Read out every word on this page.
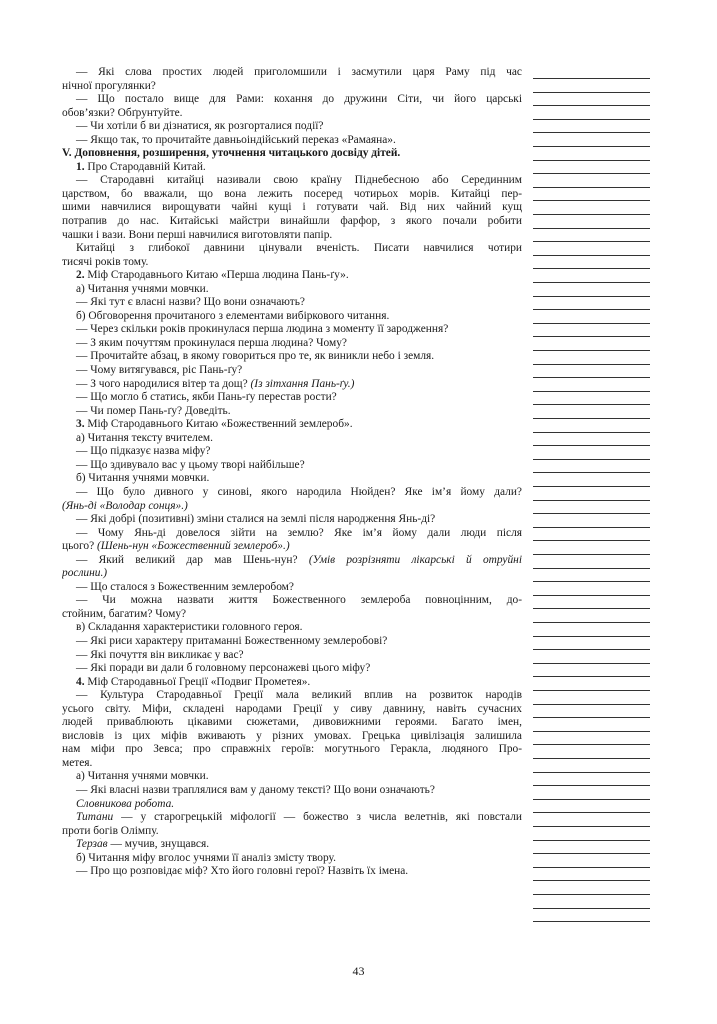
— Які слова простих людей приголомшили і засмутили царя Раму під час
нічної прогулянки?
— Що постало вище для Рами: кохання до дружини Сіти, чи його царські
обов’язки? Обґрунтуйте.
— Чи хотіли б ви дізнатися, як розгорталися події?
— Якщо так, то прочитайте давньоіндійський переказ «Рамаяна».
V. Доповнення, розширення, уточнення читацького досвіду дітей.
1. Про Стародавній Китай.
— Стародавні китайці називали свою країну Піднебесною або Серединним
царством, бо вважали, що вона лежить посеред чотирьох морів. Китайці пер-
шими навчилися вирощувати чайні кущі і готувати чай. Від них чайний кущ
потрапив до нас. Китайські майстри винайшли фарфор, з якого почали робити
чашки і вази. Вони перші навчилися виготовляти папір.
Китайці з глибокої давнини цінували вченість. Писати навчилися чотири
тисячі років тому.
2. Міф Стародавнього Китаю «Перша людина Пань-ґу».
а) Читання учнями мовчки.
— Які тут є власні назви? Що вони означають?
б) Обговорення прочитаного з елементами вибіркового читання.
— Через скільки років прокинулася перша людина з моменту її зародження?
— З яким почуттям прокинулася перша людина? Чому?
— Прочитайте абзац, в якому говориться про те, як виникли небо і земля.
— Чому витягувався, ріс Пань-ґу?
— З чого народилися вітер та дощ? (Із зітхання Пань-ґу.)
— Що могло б статись, якби Пань-ґу перестав рости?
— Чи помер Пань-ґу? Доведіть.
3. Міф Стародавнього Китаю «Божественний землероб».
а) Читання тексту вчителем.
— Що підказує назва міфу?
— Що здивувало вас у цьому творі найбільше?
б) Читання учнями мовчки.
— Що було дивного у синові, якого народила Нюйден? Яке ім’я йому дали?
(Янь-ді «Володар сонця».)
— Які добрі (позитивні) зміни сталися на землі після народження Янь-ді?
— Чому Янь-ді довелося зійти на землю? Яке ім’я йому дали люди після
цього? (Шень-нун «Божественний землероб».)
— Який великий дар мав Шень-нун? (Умів розрізняти лікарські й отруйні
рослини.)
— Що сталося з Божественним землеробом?
— Чи можна назвати життя Божественного землероба повноцінним, до-
стойним, багатим? Чому?
в) Складання характеристики головного героя.
— Які риси характеру притаманні Божественному землеробові?
— Які почуття він викликає у вас?
— Які поради ви дали б головному персонажеві цього міфу?
4. Міф Стародавньої Греції «Подвиг Прометея».
— Культура Стародавньої Греції мала великий вплив на розвиток народів
усього світу. Міфи, складені народами Греції у сиву давнину, навіть сучасних
людей приваблюють цікавими сюжетами, дивовижними героями. Багато імен,
висловів із цих міфів вживають у різних умовах. Грецька цивілізація залишила
нам міфи про Зевса; про справжніх героїв: могутнього Геракла, людяного Про-
метея.
а) Читання учнями мовчки.
— Які власні назви траплялися вам у даному тексті? Що вони означають?
Словникова робота.
Тита́ни — у старогрецькій міфології — божество з числа велетнів, які повстали
проти богів Олімпу.
Терза́в — мучив, знущався.
б) Читання міфу вголос учнями її аналіз змісту твору.
— Про що розповідає міф? Хто його головні герої? Назвіть їх імена.
43
